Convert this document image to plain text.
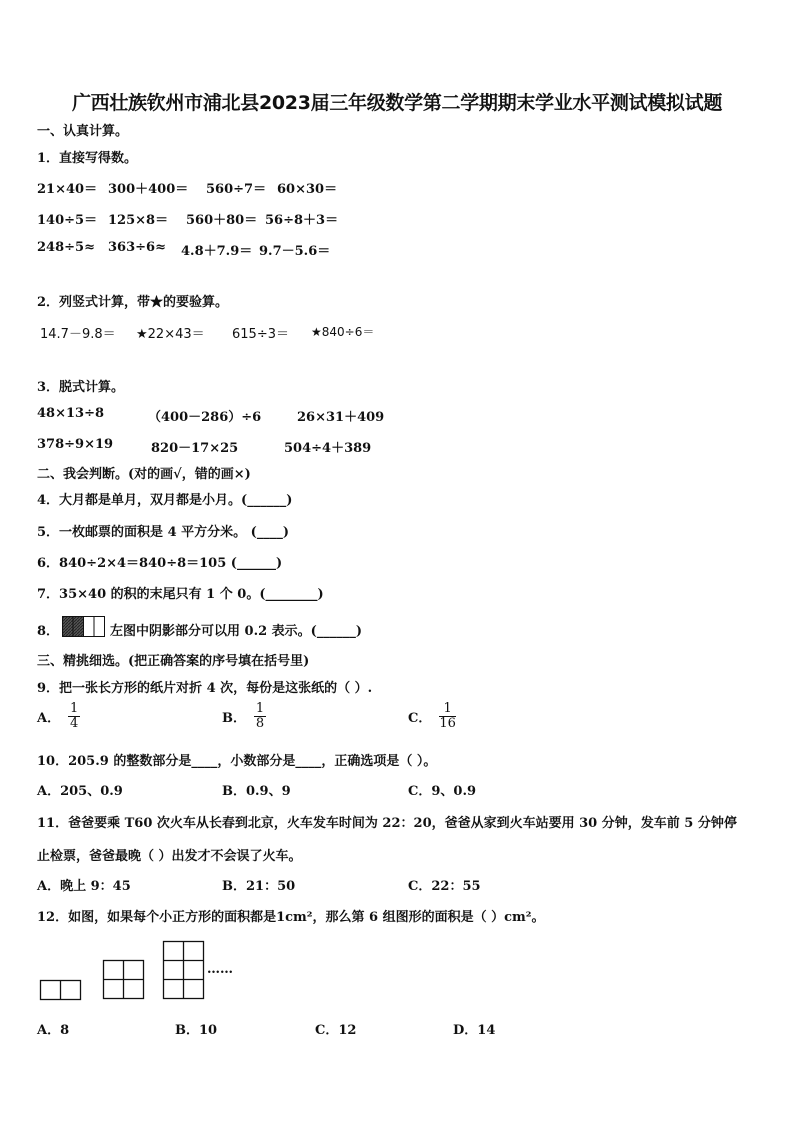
广西壮族钦州市浦北县2023届三年级数学第二学期期末学业水平测试模拟试题
一、认真计算。
1．直接写得数。
21×40＝ 300＋400＝ 560÷7＝ 60×30＝
140÷5＝ 125×8＝ 560＋80＝ 56÷8＋3＝
248÷5≈ 363÷6≈ 4.8＋7.9＝ 9.7－5.6＝
2．列竖式计算，带★的要验算。
14.7－9.8＝ ★22×43＝ 615÷3＝ ★840÷6＝
3．脱式计算。
48×13÷8	（400－286）÷6	26×31＋409
378÷9×19	820－17×25	504÷4＋389
二、我会判断。(对的画√，错的画×)
4．大月都是单月，双月都是小月。(______)
5．一枚邮票的面积是 4 平方分米。 (____)
6．840÷2×4＝840÷8＝105 (______)
7．35×40 的积的末尾只有 1 个 0。(________)
8．	左图中阴影部分可以用 0.2 表示。(______)
三、精挑细选。(把正确答案的序号填在括号里)
9．把一张长方形的纸片对折 4 次，每份是这张纸的（ ）.
A． $\frac{1}{4}$	B． $\frac{1}{8}$	C． $\frac{1}{16}$
10．205.9 的整数部分是____，小数部分是____，正确选项是（ ）。
A．205、0.9	B．0.9、9	C．9、0.9
11．爸爸要乘 T60 次火车从长春到北京，火车发车时间为 22：20，爸爸从家到火车站要用 30 分钟，发车前 5 分钟停
止检票，爸爸最晚（ ）出发才不会误了火车。
A．晚上 9：45	B．21：50	C．22：55
12．如图，如果每个小正方形的面积都是1cm²，那么第 6 组图形的面积是（ ）cm²。
……
A．8	B．10	C．12	D．14
